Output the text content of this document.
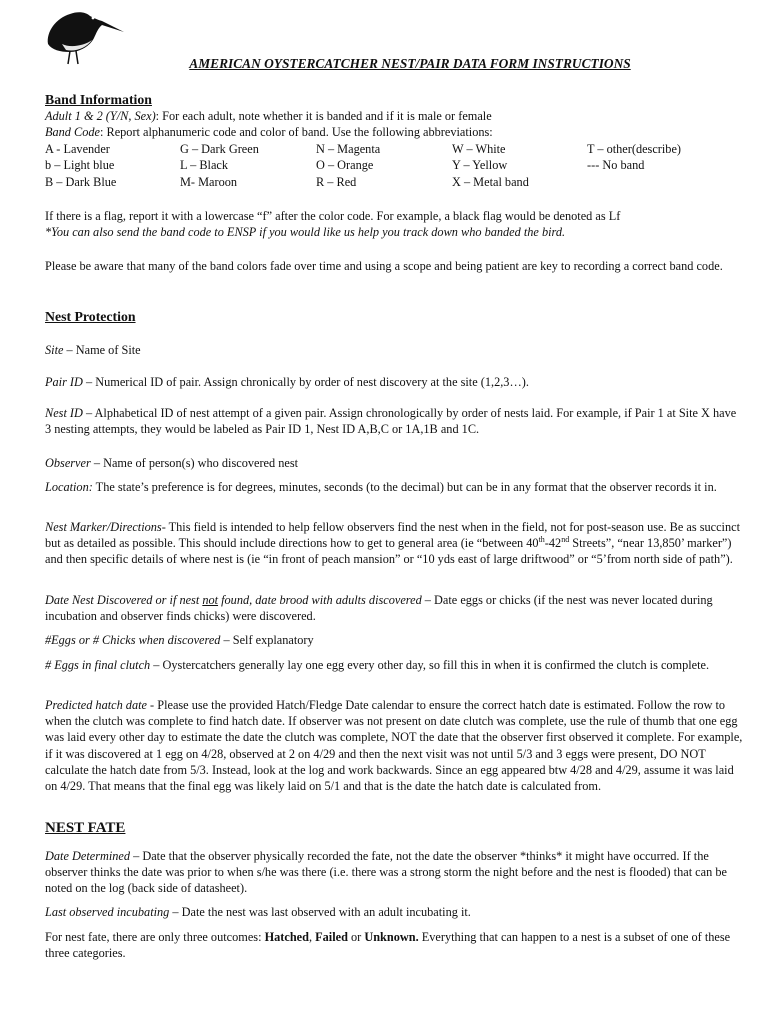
AMERICAN OYSTERCATCHER NEST/PAIR DATA FORM INSTRUCTIONS
Band Information

Adult 1 & 2 (Y/N, Sex): For each adult, note whether it is banded and if it is male or female

Band Code: Report alphanumeric code and color of band. Use the following abbreviations:

A - Lavender	G – Dark Green	N – Magenta	W – White	T – other(describe)
b – Light blue	L – Black	O – Orange	Y – Yellow	--- No band
B – Dark Blue	M- Maroon	R – Red	X – Metal band

If there is a flag, report it with a lowercase “f” after the color code. For example, a black flag would be denoted as Lf

*You can also send the band code to ENSP if you would like us help you track down who banded the bird.

Please be aware that many of the band colors fade over time and using a scope and being patient are key to recording a correct band code.
Nest Protection

Site – Name of Site

Pair ID – Numerical ID of pair. Assign chronically by order of nest discovery at the site (1,2,3…).

Nest ID – Alphabetical ID of nest attempt of a given pair. Assign chronologically by order of nests laid. For example, if Pair 1 at Site X have 3 nesting attempts, they would be labeled as Pair ID 1, Nest ID A,B,C or 1A,1B and 1C.

Observer – Name of person(s) who discovered nest

Location: The state’s preference is for degrees, minutes, seconds (to the decimal) but can be in any format that the observer records it in.

Nest Marker/Directions- This field is intended to help fellow observers find the nest when in the field, not for post-season use. Be as succinct but as detailed as possible. This should include directions how to get to general area (ie “between 40th-42nd Streets”, “near 13,850’ marker”) and then specific details of where nest is (ie “in front of peach mansion” or “10 yds east of large driftwood” or “5’from north side of path”).

Date Nest Discovered or if nest not found, date brood with adults discovered – Date eggs or chicks (if the nest was never located during incubation and observer finds chicks) were discovered.

#Eggs or # Chicks when discovered – Self explanatory

# Eggs in final clutch – Oystercatchers generally lay one egg every other day, so fill this in when it is confirmed the clutch is complete.

Predicted hatch date - Please use the provided Hatch/Fledge Date calendar to ensure the correct hatch date is estimated. Follow the row to when the clutch was complete to find hatch date. If observer was not present on date clutch was complete, use the rule of thumb that one egg was laid every other day to estimate the date the clutch was complete, NOT the date that the observer first observed it complete. For example, if it was discovered at 1 egg on 4/28, observed at 2 on 4/29 and then the next visit was not until 5/3 and 3 eggs were present, DO NOT calculate the hatch date from 5/3. Instead, look at the log and work backwards. Since an egg appeared btw 4/28 and 4/29, assume it was laid on 4/29. That means that the final egg was likely laid on 5/1 and that is the date the hatch date is calculated from.

NEST FATE

Date Determined – Date that the observer physically recorded the fate, not the date the observer *thinks* it might have occurred. If the observer thinks the date was prior to when s/he was there (i.e. there was a strong storm the night before and the nest is flooded) that can be noted on the log (back side of datasheet).

Last observed incubating – Date the nest was last observed with an adult incubating it.

For nest fate, there are only three outcomes: Hatched, Failed or Unknown. Everything that can happen to a nest is a subset of one of these three categories.
